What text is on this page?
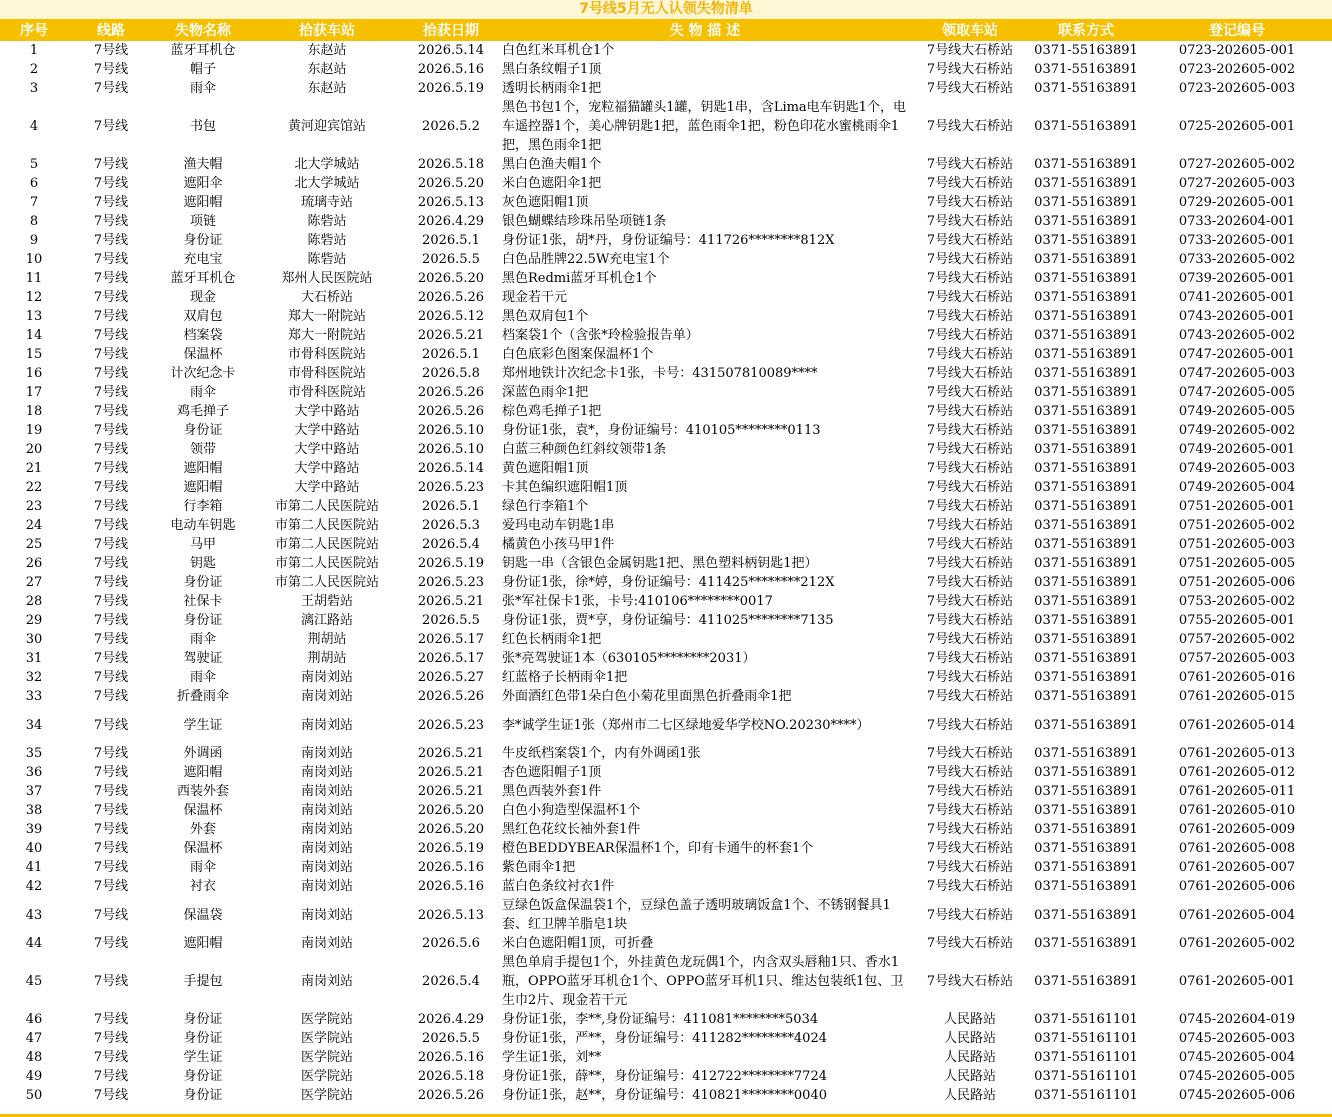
7号线5月无人认领失物清单
序号	线路	失物名称	拾获车站	拾获日期	失 物 描 述	领取车站	联系方式	登记编号
1	7号线	蓝牙耳机仓	东赵站	2026.5.14	白色红米耳机仓1个	7号线大石桥站	0371-55163891	0723-202605-001
2	7号线	帽子	东赵站	2026.5.16	黑白条纹帽子1顶	7号线大石桥站	0371-55163891	0723-202605-002
3	7号线	雨伞	东赵站	2026.5.19	透明长柄雨伞1把	7号线大石桥站	0371-55163891	0723-202605-003
4	7号线	书包	黄河迎宾馆站	2026.5.2	黑色书包1个，宠粒福猫罐头1罐，钥匙1串，含Lima电车钥匙1个，电车遥控器1个，美心牌钥匙1把，蓝色雨伞1把，粉色印花水蜜桃雨伞1把，黑色雨伞1把	7号线大石桥站	0371-55163891	0725-202605-001
5	7号线	渔夫帽	北大学城站	2026.5.18	黑白色渔夫帽1个	7号线大石桥站	0371-55163891	0727-202605-002
6	7号线	遮阳伞	北大学城站	2026.5.20	米白色遮阳伞1把	7号线大石桥站	0371-55163891	0727-202605-003
7	7号线	遮阳帽	琉璃寺站	2026.5.13	灰色遮阳帽1顶	7号线大石桥站	0371-55163891	0729-202605-001
8	7号线	项链	陈砦站	2026.4.29	银色蝴蝶结珍珠吊坠项链1条	7号线大石桥站	0371-55163891	0733-202604-001
9	7号线	身份证	陈砦站	2026.5.1	身份证1张，胡*丹，身份证编号：411726********812X	7号线大石桥站	0371-55163891	0733-202605-001
10	7号线	充电宝	陈砦站	2026.5.5	白色品胜牌22.5W充电宝1个	7号线大石桥站	0371-55163891	0733-202605-002
11	7号线	蓝牙耳机仓	郑州人民医院站	2026.5.20	黑色Redmi蓝牙耳机仓1个	7号线大石桥站	0371-55163891	0739-202605-001
12	7号线	现金	大石桥站	2026.5.26	现金若干元	7号线大石桥站	0371-55163891	0741-202605-001
13	7号线	双肩包	郑大一附院站	2026.5.12	黑色双肩包1个	7号线大石桥站	0371-55163891	0743-202605-001
14	7号线	档案袋	郑大一附院站	2026.5.21	档案袋1个（含张*玲检验报告单）	7号线大石桥站	0371-55163891	0743-202605-002
15	7号线	保温杯	市骨科医院站	2026.5.1	白色底彩色图案保温杯1个	7号线大石桥站	0371-55163891	0747-202605-001
16	7号线	计次纪念卡	市骨科医院站	2026.5.8	郑州地铁计次纪念卡1张，卡号：431507810089****	7号线大石桥站	0371-55163891	0747-202605-003
17	7号线	雨伞	市骨科医院站	2026.5.26	深蓝色雨伞1把	7号线大石桥站	0371-55163891	0747-202605-005
18	7号线	鸡毛掸子	大学中路站	2026.5.26	棕色鸡毛掸子1把	7号线大石桥站	0371-55163891	0749-202605-005
19	7号线	身份证	大学中路站	2026.5.10	身份证1张，袁*，身份证编号：410105********0113	7号线大石桥站	0371-55163891	0749-202605-002
20	7号线	领带	大学中路站	2026.5.10	白蓝三种颜色红斜纹领带1条	7号线大石桥站	0371-55163891	0749-202605-001
21	7号线	遮阳帽	大学中路站	2026.5.14	黄色遮阳帽1顶	7号线大石桥站	0371-55163891	0749-202605-003
22	7号线	遮阳帽	大学中路站	2026.5.23	卡其色编织遮阳帽1顶	7号线大石桥站	0371-55163891	0749-202605-004
23	7号线	行李箱	市第二人民医院站	2026.5.1	绿色行李箱1个	7号线大石桥站	0371-55163891	0751-202605-001
24	7号线	电动车钥匙	市第二人民医院站	2026.5.3	爱玛电动车钥匙1串	7号线大石桥站	0371-55163891	0751-202605-002
25	7号线	马甲	市第二人民医院站	2026.5.4	橘黄色小孩马甲1件	7号线大石桥站	0371-55163891	0751-202605-003
26	7号线	钥匙	市第二人民医院站	2026.5.19	钥匙一串（含银色金属钥匙1把、黑色塑料柄钥匙1把）	7号线大石桥站	0371-55163891	0751-202605-005
27	7号线	身份证	市第二人民医院站	2026.5.23	身份证1张，徐*婷，身份证编号：411425********212X	7号线大石桥站	0371-55163891	0751-202605-006
28	7号线	社保卡	王胡砦站	2026.5.21	张*军社保卡1张，卡号:410106********0017	7号线大石桥站	0371-55163891	0753-202605-002
29	7号线	身份证	漓江路站	2026.5.5	身份证1张，贾*亨，身份证编号：411025********7135	7号线大石桥站	0371-55163891	0755-202605-001
30	7号线	雨伞	荆胡站	2026.5.17	红色长柄雨伞1把	7号线大石桥站	0371-55163891	0757-202605-002
31	7号线	驾驶证	荆胡站	2026.5.17	张*亮驾驶证1本（630105********2031）	7号线大石桥站	0371-55163891	0757-202605-003
32	7号线	雨伞	南岗刘站	2026.5.27	红蓝格子长柄雨伞1把	7号线大石桥站	0371-55163891	0761-202605-016
33	7号线	折叠雨伞	南岗刘站	2026.5.26	外面酒红色带1朵白色小菊花里面黑色折叠雨伞1把	7号线大石桥站	0371-55163891	0761-202605-015
34	7号线	学生证	南岗刘站	2026.5.23	李*诚学生证1张（郑州市二七区绿地爱华学校NO.20230****）	7号线大石桥站	0371-55163891	0761-202605-014
35	7号线	外调函	南岗刘站	2026.5.21	牛皮纸档案袋1个，内有外调函1张	7号线大石桥站	0371-55163891	0761-202605-013
36	7号线	遮阳帽	南岗刘站	2026.5.21	杏色遮阳帽子1顶	7号线大石桥站	0371-55163891	0761-202605-012
37	7号线	西装外套	南岗刘站	2026.5.21	黑色西装外套1件	7号线大石桥站	0371-55163891	0761-202605-011
38	7号线	保温杯	南岗刘站	2026.5.20	白色小狗造型保温杯1个	7号线大石桥站	0371-55163891	0761-202605-010
39	7号线	外套	南岗刘站	2026.5.20	黑红色花纹长袖外套1件	7号线大石桥站	0371-55163891	0761-202605-009
40	7号线	保温杯	南岗刘站	2026.5.19	橙色BEDDYBEAR保温杯1个，印有卡通牛的杯套1个	7号线大石桥站	0371-55163891	0761-202605-008
41	7号线	雨伞	南岗刘站	2026.5.16	紫色雨伞1把	7号线大石桥站	0371-55163891	0761-202605-007
42	7号线	衬衣	南岗刘站	2026.5.16	蓝白色条纹衬衣1件	7号线大石桥站	0371-55163891	0761-202605-006
43	7号线	保温袋	南岗刘站	2026.5.13	豆绿色饭盒保温袋1个，豆绿色盖子透明玻璃饭盒1个、不锈钢餐具1套、红卫牌羊脂皂1块	7号线大石桥站	0371-55163891	0761-202605-004
44	7号线	遮阳帽	南岗刘站	2026.5.6	米白色遮阳帽1顶，可折叠	7号线大石桥站	0371-55163891	0761-202605-002
45	7号线	手提包	南岗刘站	2026.5.4	黑色单肩手提包1个，外挂黄色龙玩偶1个，内含双头唇釉1只、香水1瓶，OPPO蓝牙耳机仓1个、OPPO蓝牙耳机1只、维达包装纸1包、卫生巾2片、现金若干元	7号线大石桥站	0371-55163891	0761-202605-001
46	7号线	身份证	医学院站	2026.4.29	身份证1张，李**,身份证编号：411081********5034	人民路站	0371-55161101	0745-202604-019
47	7号线	身份证	医学院站	2026.5.5	身份证1张，严**，身份证编号：411282********4024	人民路站	0371-55161101	0745-202605-003
48	7号线	学生证	医学院站	2026.5.16	学生证1张，刘**	人民路站	0371-55161101	0745-202605-004
49	7号线	身份证	医学院站	2026.5.18	身份证1张，薛**，身份证编号：412722********7724	人民路站	0371-55161101	0745-202605-005
50	7号线	身份证	医学院站	2026.5.26	身份证1张，赵**，身份证编号：410821********0040	人民路站	0371-55161101	0745-202605-006
